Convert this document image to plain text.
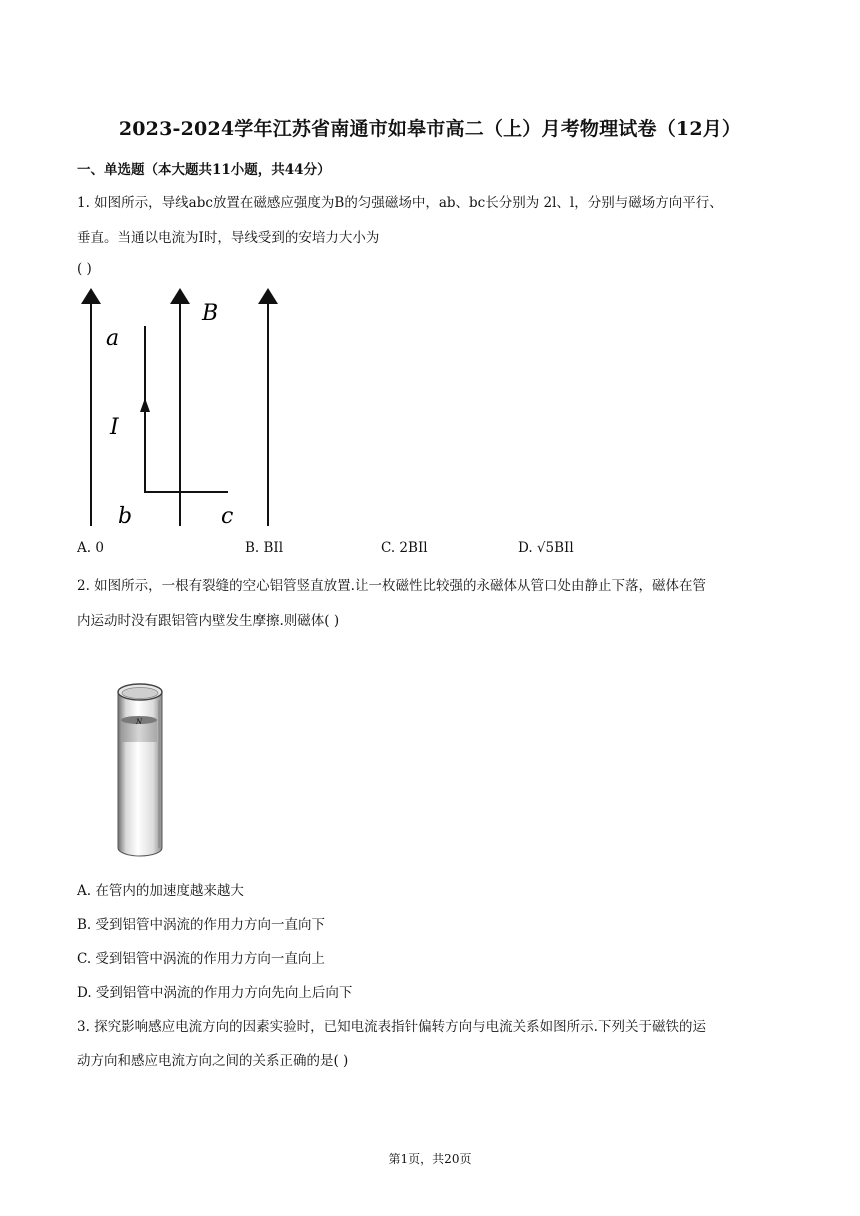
2023-2024学年江苏省南通市如皋市高二（上）月考物理试卷（12月）
一、单选题（本大题共11小题，共44分）
1. 如图所示，导线abc放置在磁感应强度为B的匀强磁场中，ab、bc长分别为 2l、l，分别与磁场方向平行、
垂直。当通以电流为I时，导线受到的安培力大小为
( )
a
B
I
b	c
A. 0	B. BIl	C. 2BIl	D. √5BIl
2. 如图所示，一根有裂缝的空心铝管竖直放置.让一枚磁性比较强的永磁体从管口处由静止下落，磁体在管
内运动时没有跟铝管内壁发生摩擦.则磁体( )
N
A. 在管内的加速度越来越大
B. 受到铝管中涡流的作用力方向一直向下
C. 受到铝管中涡流的作用力方向一直向上
D. 受到铝管中涡流的作用力方向先向上后向下
3. 探究影响感应电流方向的因素实验时，已知电流表指针偏转方向与电流关系如图所示.下列关于磁铁的运
动方向和感应电流方向之间的关系正确的是( )
第1页，共20页
